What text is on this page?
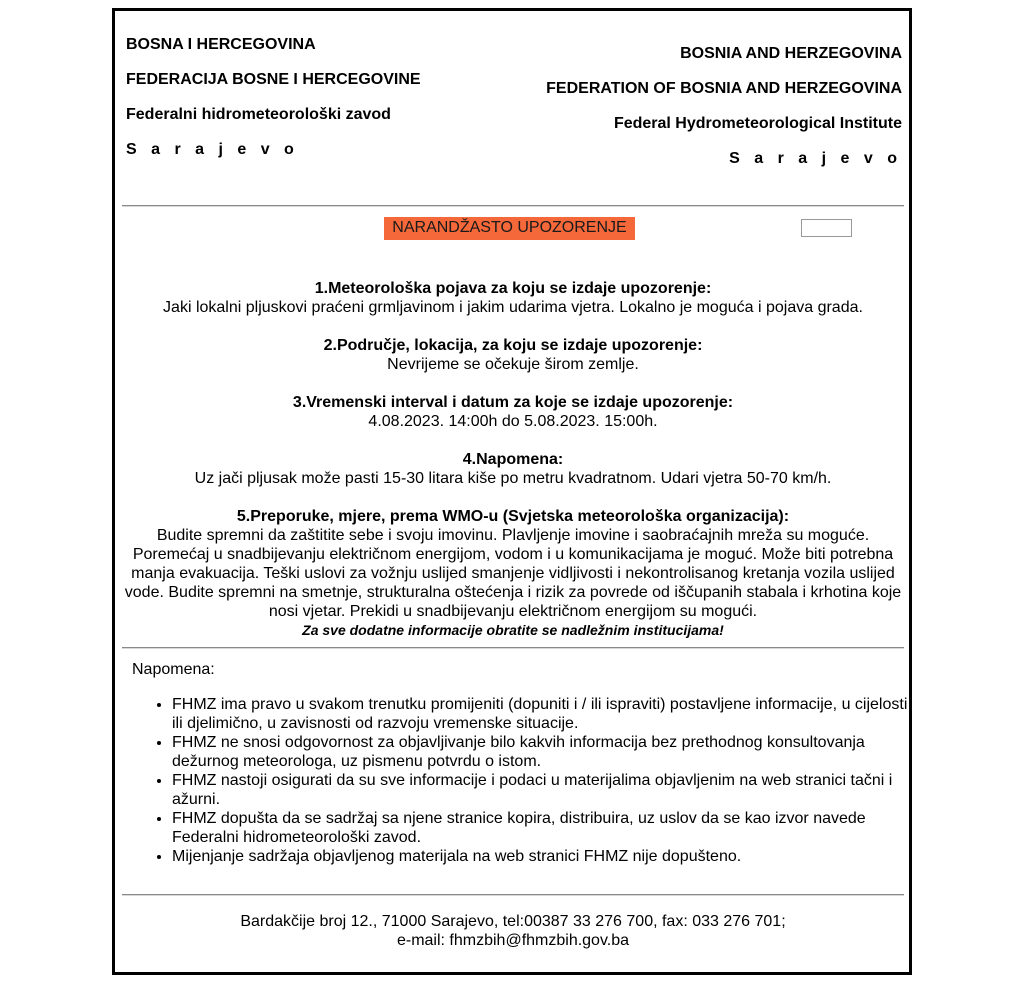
BOSNA I HERCEGOVINA
FEDERACIJA BOSNE I HERCEGOVINE
Federalni hidrometeorološki zavod
S a r a j e v o
BOSNIA AND HERZEGOVINA
FEDERATION OF BOSNIA AND HERZEGOVINA
Federal Hydrometeorological Institute
S a r a j e v o
NARANDŽASTO UPOZORENJE
1.Meteorološka pojava za koju se izdaje upozorenje:
Jaki lokalni pljuskovi praćeni grmljavinom i jakim udarima vjetra. Lokalno je moguća i pojava grada.
2.Područje, lokacija, za koju se izdaje upozorenje:
Nevrijeme se očekuje širom zemlje.
3.Vremenski interval i datum za koje se izdaje upozorenje:
4.08.2023. 14:00h do 5.08.2023. 15:00h.
4.Napomena:
Uz jači pljusak može pasti 15-30 litara kiše po metru kvadratnom. Udari vjetra 50-70 km/h.
5.Preporuke, mjere, prema WMO-u (Svjetska meteorološka organizacija):
Budite spremni da zaštitite sebe i svoju imovinu. Plavljenje imovine i saobraćajnih mreža su moguće. Poremećaj u snadbijevanju električnom energijom, vodom i u komunikacijama je moguć. Može biti potrebna manja evakuacija. Teški uslovi za vožnju uslijed smanjenje vidljivosti i nekontrolisanog kretanja vozila uslijed vode. Budite spremni na smetnje, strukturalna oštećenja i rizik za povrede od iščupanih stabala i krhotina koje nosi vjetar. Prekidi u snadbijevanju električnom energijom su mogući.
Za sve dodatne informacije obratite se nadležnim institucijama!
Napomena:
• FHMZ ima pravo u svakom trenutku promijeniti (dopuniti i / ili ispraviti) postavljene informacije, u cijelosti ili djelimično, u zavisnosti od razvoju vremenske situacije.
• FHMZ ne snosi odgovornost za objavljivanje bilo kakvih informacija bez prethodnog konsultovanja dežurnog meteorologa, uz pismenu potvrdu o istom.
• FHMZ nastoji osigurati da su sve informacije i podaci u materijalima objavljenim na web stranici tačni i ažurni.
• FHMZ dopušta da se sadržaj sa njene stranice kopira, distribuira, uz uslov da se kao izvor navede Federalni hidrometeorološki zavod.
• Mijenjanje sadržaja objavljenog materijala na web stranici FHMZ nije dopušteno.
Bardakčije broj 12., 71000 Sarajevo, tel:00387 33 276 700, fax: 033 276 701;
e-mail: fhmzbih@fhmzbih.gov.ba
